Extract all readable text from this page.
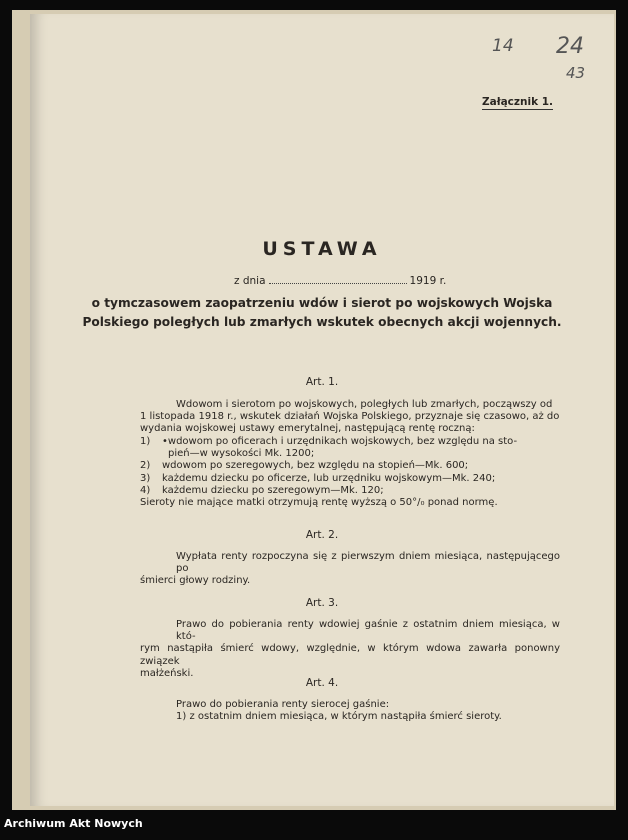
14 24
43
Załącznik 1.
USTAWA
z dnia	1919 r.
o tymczasowem zaopatrzeniu wdów i sierot po wojskowych Wojska
Polskiego poległych lub zmarłych wskutek obecnych akcji wojennych.
Art. 1.
Wdowom i sierotom po wojskowych, poległych lub zmarłych, począwszy od
1 listopada 1918 r., wskutek działań Wojska Polskiego, przyznaje się czasowo, aż do
wydania wojskowej ustawy emerytalnej, następującą rentę roczną:
1)	•wdowom po oficerach i urzędnikach wojskowych, bez względu na sto-
pień—w wysokości Mk. 1200;
2)	wdowom po szeregowych, bez względu na stopień—Mk. 600;
3)	każdemu dziecku po oficerze, lub urzędniku wojskowym—Mk. 240;
4)	każdemu dziecku po szeregowym—Mk. 120;
Sieroty nie mające matki otrzymują rentę wyższą o 50°/₀ ponad normę.
Art. 2.
Wypłata renty rozpoczyna się z pierwszym dniem miesiąca, następującego po
śmierci głowy rodziny.
Art. 3.
Prawo do pobierania renty wdowiej gaśnie z ostatnim dniem miesiąca, w któ-
rym nastąpiła śmierć wdowy, względnie, w którym wdowa zawarła ponowny związek
małżeński.
Art. 4.
Prawo do pobierania renty sierocej gaśnie:
1) z ostatnim dniem miesiąca, w którym nastąpiła śmierć sieroty.
Archiwum Akt Nowych
